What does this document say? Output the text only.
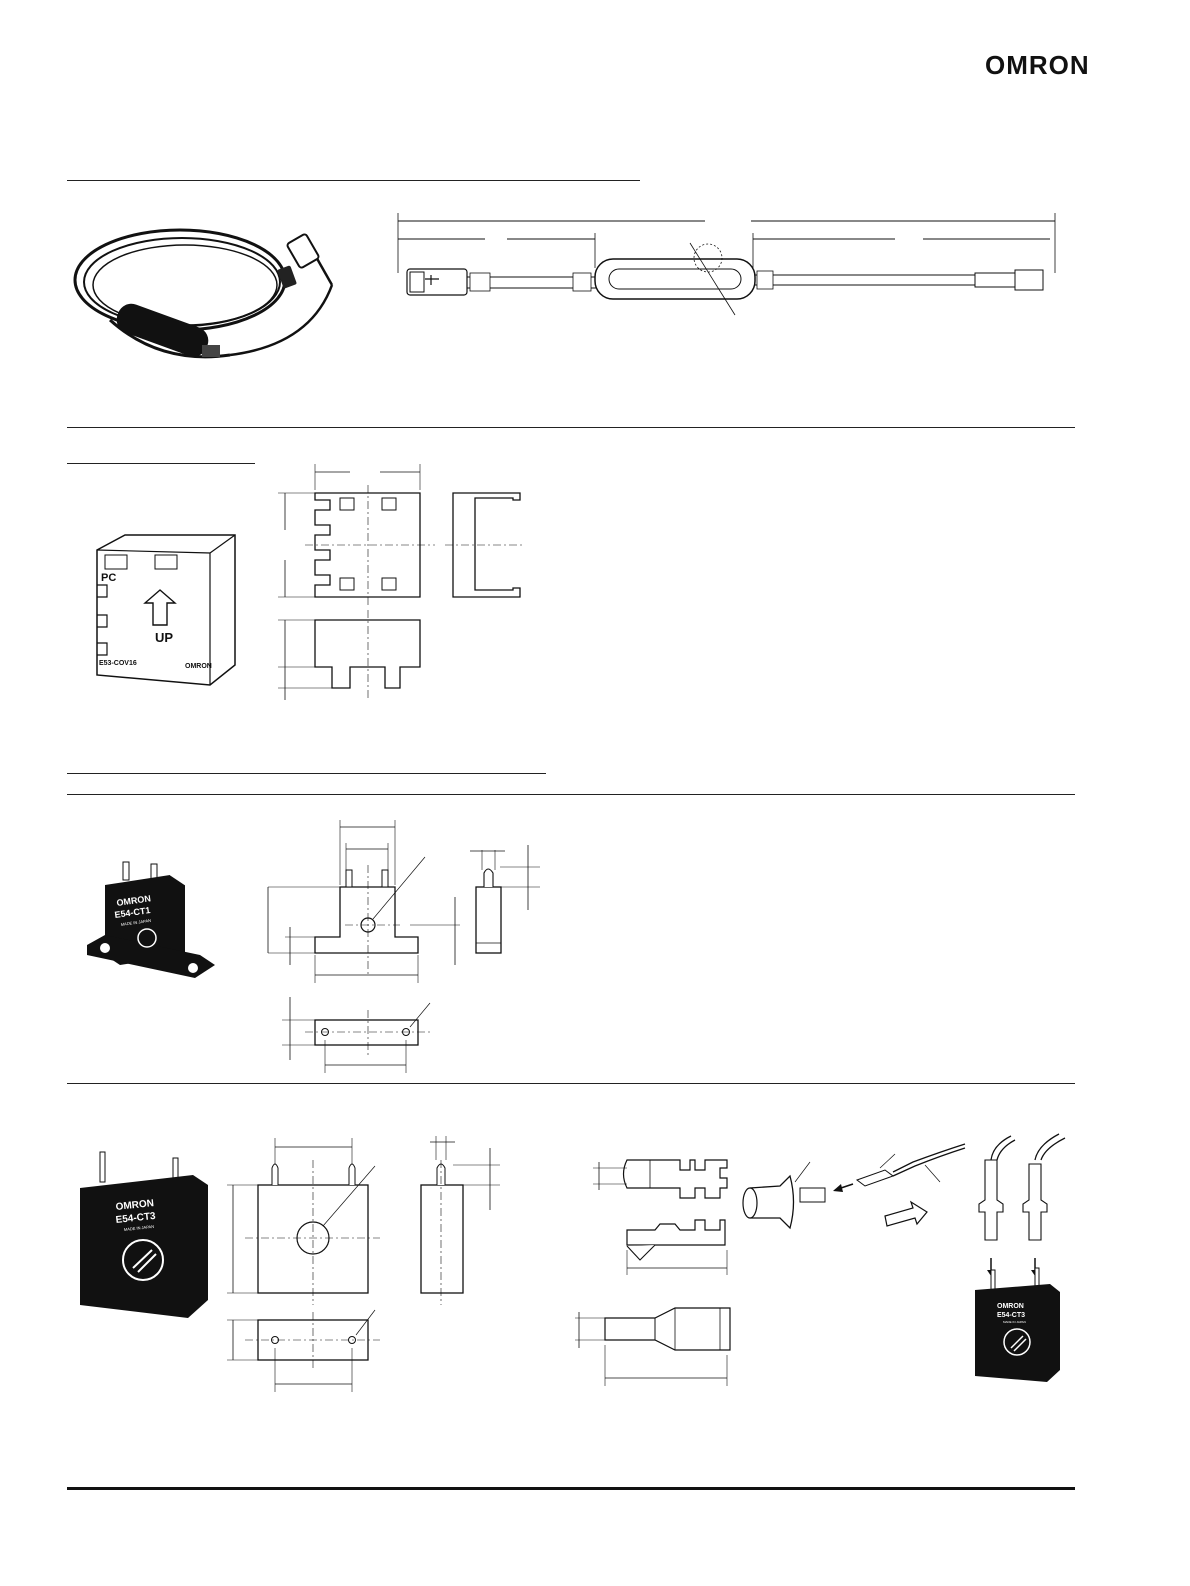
OMRON
PC
UP
E53-COV16	OMRON
OMRON
E54-CT1
MADE IN JAPAN
OMRON
E54-CT3
MADE IN JAPAN
OMRON
E54-CT3
MADE IN JAPAN
